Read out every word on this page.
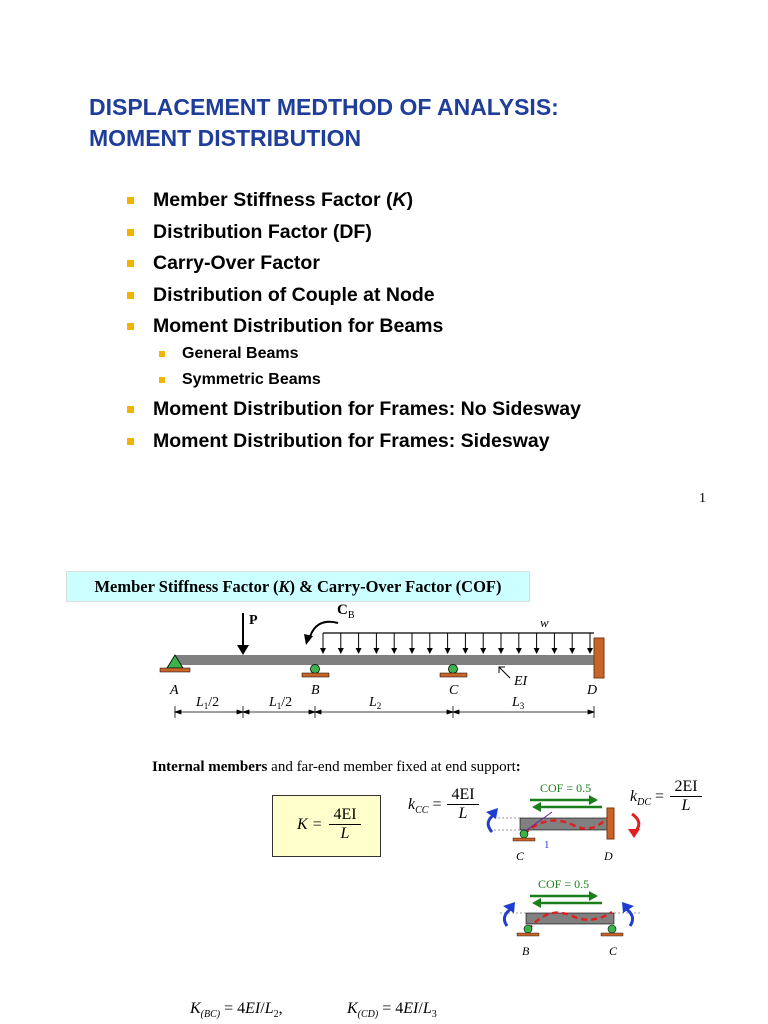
DISPLACEMENT MEDTHOD OF ANALYSIS:
MOMENT DISTRIBUTION
Member Stiffness Factor (K)
Distribution Factor (DF)
Carry-Over Factor
Distribution of Couple at Node
Moment Distribution for Beams
General Beams
Symmetric Beams
Moment Distribution for Frames: No Sidesway
Moment Distribution for Frames: Sidesway
1
Member Stiffness Factor (K) & Carry-Over Factor (COF)
P
$C_B$	w
EI
A	B	C	D
$L_1/2$	$L_1/2$	$L_2$	$L_3$
Internal members and far-end member fixed at end support:
$K = \frac{4EI}{L}$
$k_{CC} = \frac{4EI}{L}$	$k_{DC} = \frac{2EI}{L}$
COF = 0.5
1
C	D
COF = 0.5
B	C
$K_{(BC)} = 4EI/L_2$,	$K_{(CD)} = 4EI/L_3$
